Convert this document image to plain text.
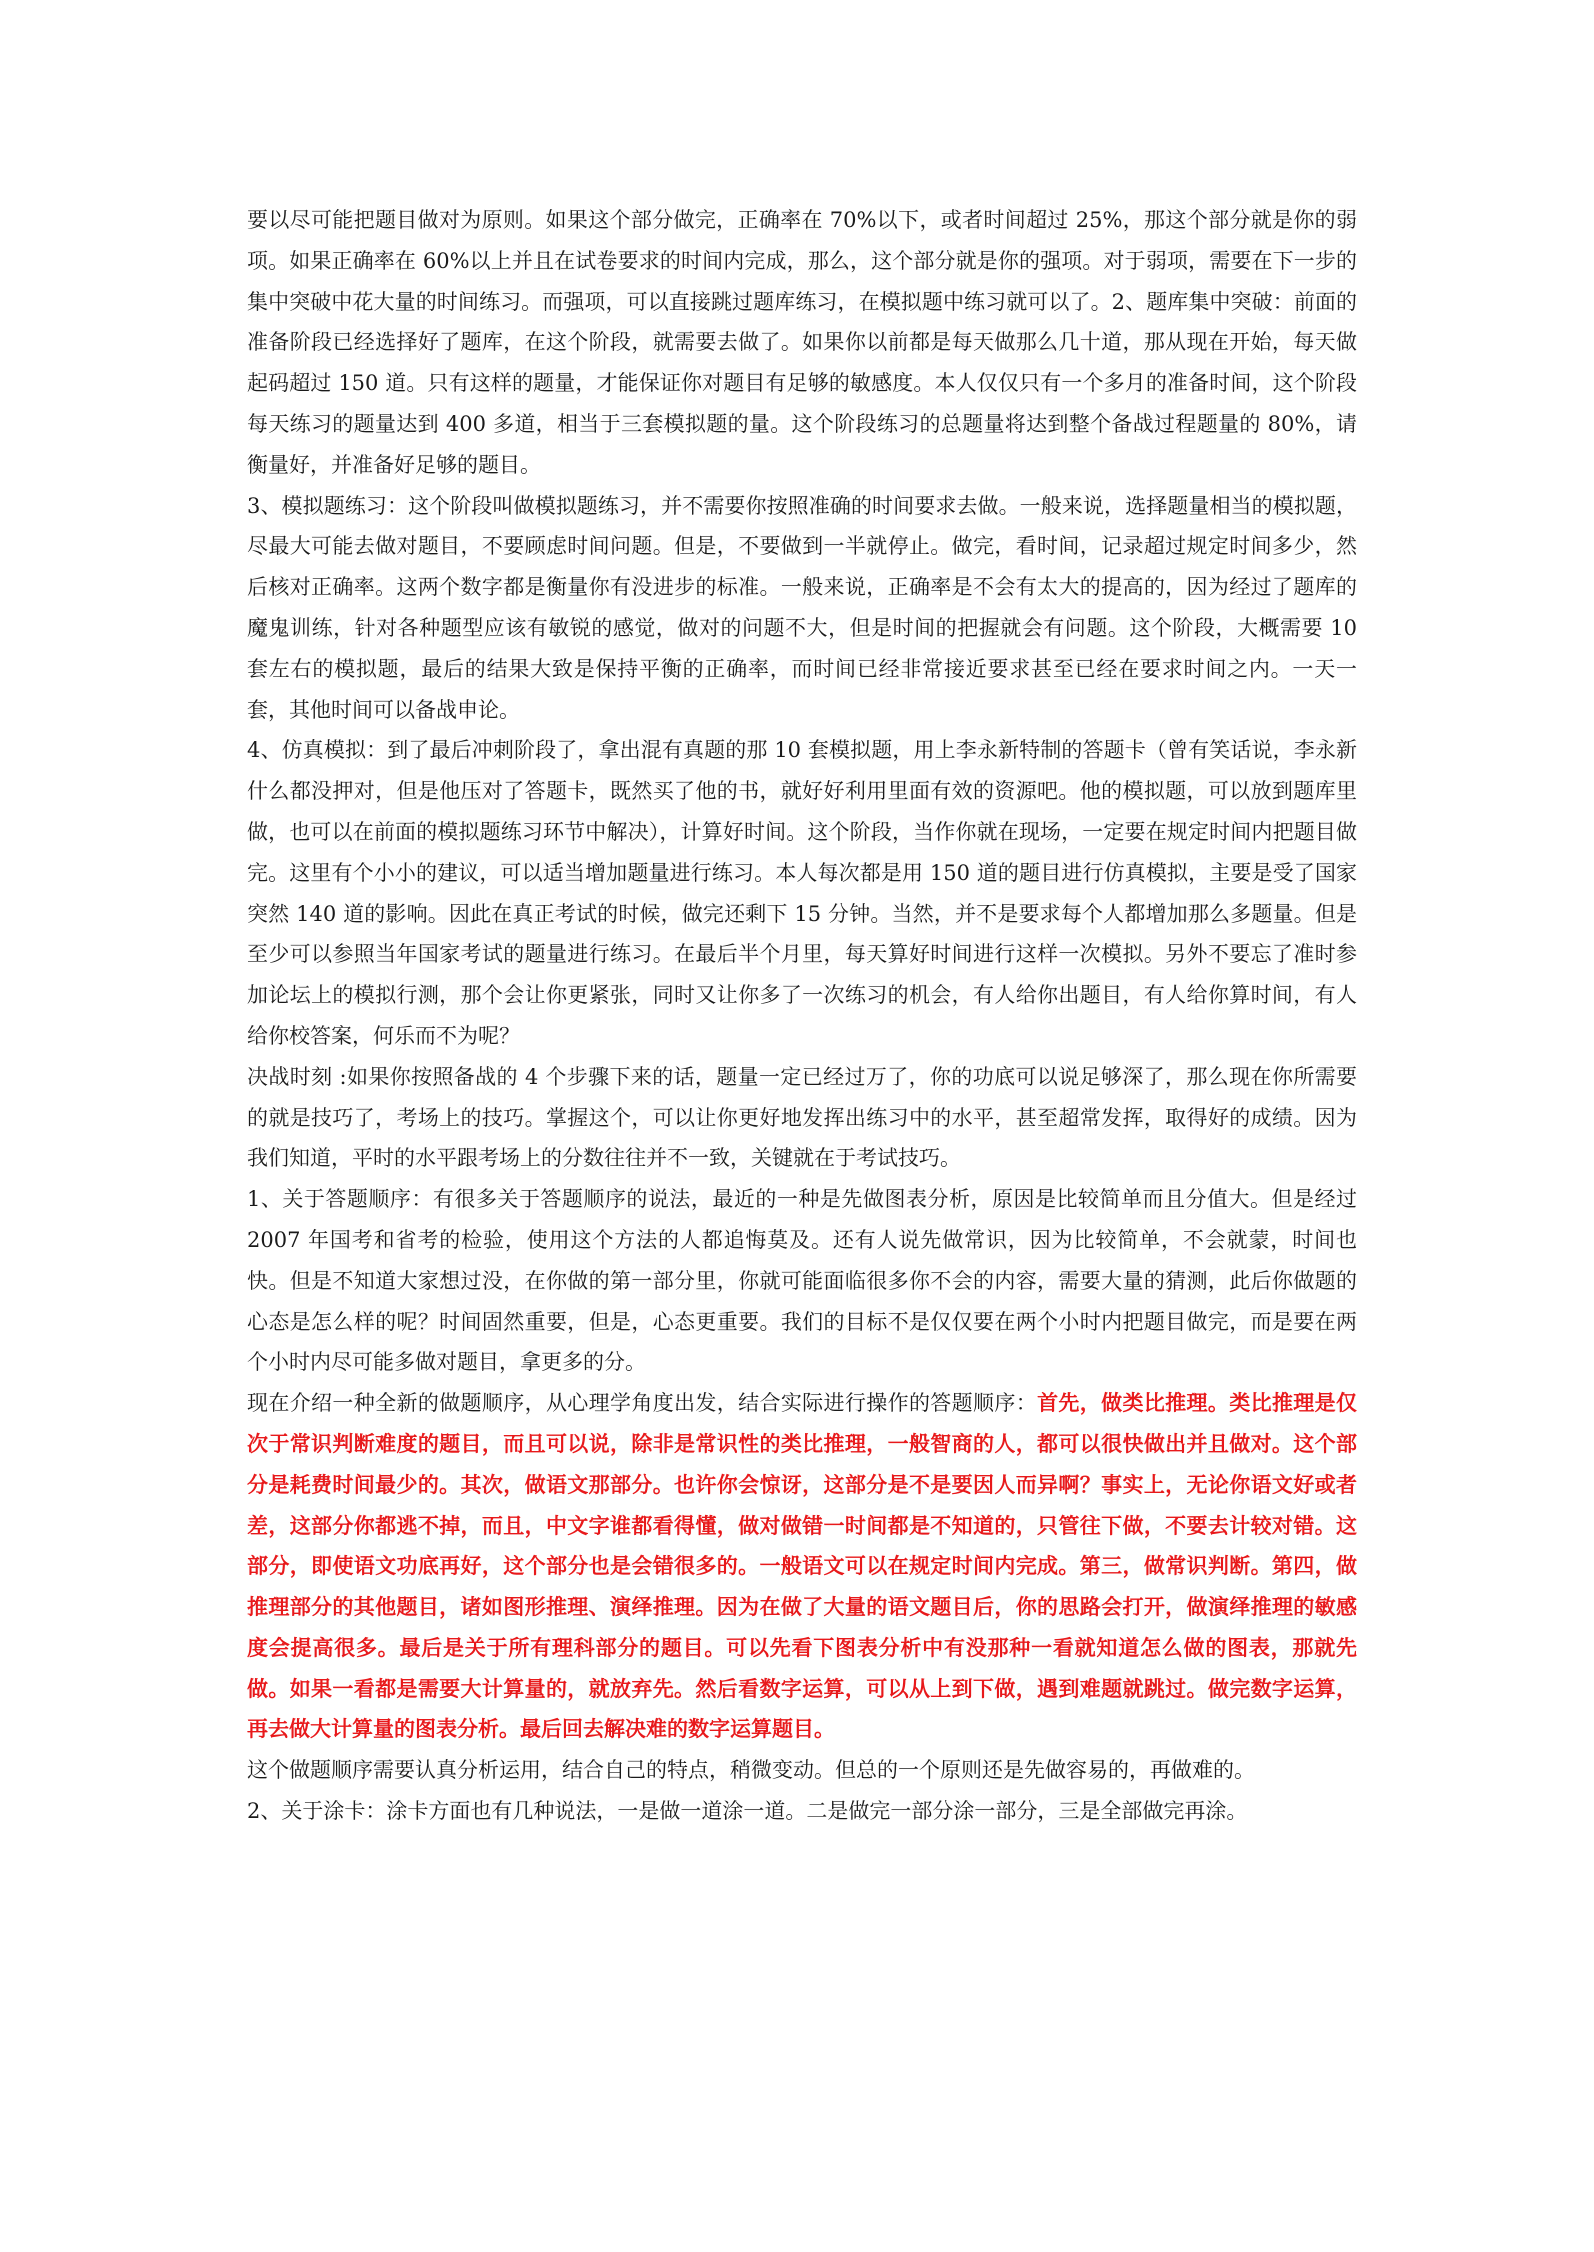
要以尽可能把题目做对为原则。如果这个部分做完，正确率在 70%以下，或者时间超过 25%，那这个部分就是你的弱项。如果正确率在 60%以上并且在试卷要求的时间内完成，那么，这个部分就是你的强项。对于弱项，需要在下一步的集中突破中花大量的时间练习。而强项，可以直接跳过题库练习，在模拟题中练习就可以了。2、题库集中突破：前面的准备阶段已经选择好了题库，在这个阶段，就需要去做了。如果你以前都是每天做那么几十道，那从现在开始，每天做起码超过 150 道。只有这样的题量，才能保证你对题目有足够的敏感度。本人仅仅只有一个多月的准备时间，这个阶段每天练习的题量达到 400 多道，相当于三套模拟题的量。这个阶段练习的总题量将达到整个备战过程题量的 80%，请衡量好，并准备好足够的题目。

3、模拟题练习：这个阶段叫做模拟题练习，并不需要你按照准确的时间要求去做。一般来说，选择题量相当的模拟题，尽最大可能去做对题目，不要顾虑时间问题。但是，不要做到一半就停止。做完，看时间，记录超过规定时间多少，然后核对正确率。这两个数字都是衡量你有没进步的标准。一般来说，正确率是不会有太大的提高的，因为经过了题库的魔鬼训练，针对各种题型应该有敏锐的感觉，做对的问题不大，但是时间的把握就会有问题。这个阶段，大概需要 10 套左右的模拟题，最后的结果大致是保持平衡的正确率，而时间已经非常接近要求甚至已经在要求时间之内。一天一套，其他时间可以备战申论。

4、仿真模拟：到了最后冲刺阶段了，拿出混有真题的那 10 套模拟题，用上李永新特制的答题卡（曾有笑话说，李永新什么都没押对，但是他压对了答题卡，既然买了他的书，就好好利用里面有效的资源吧。他的模拟题，可以放到题库里做，也可以在前面的模拟题练习环节中解决），计算好时间。这个阶段，当作你就在现场，一定要在规定时间内把题目做完。这里有个小小的建议，可以适当增加题量进行练习。本人每次都是用 150 道的题目进行仿真模拟，主要是受了国家突然 140 道的影响。因此在真正考试的时候，做完还剩下 15 分钟。当然，并不是要求每个人都增加那么多题量。但是至少可以参照当年国家考试的题量进行练习。在最后半个月里，每天算好时间进行这样一次模拟。另外不要忘了准时参加论坛上的模拟行测，那个会让你更紧张，同时又让你多了一次练习的机会，有人给你出题目，有人给你算时间，有人给你校答案，何乐而不为呢？

决战时刻 :如果你按照备战的 4 个步骤下来的话，题量一定已经过万了，你的功底可以说足够深了，那么现在你所需要的就是技巧了，考场上的技巧。掌握这个，可以让你更好地发挥出练习中的水平，甚至超常发挥，取得好的成绩。因为我们知道，平时的水平跟考场上的分数往往并不一致，关键就在于考试技巧。

1、关于答题顺序：有很多关于答题顺序的说法，最近的一种是先做图表分析，原因是比较简单而且分值大。但是经过 2007 年国考和省考的检验，使用这个方法的人都追悔莫及。还有人说先做常识，因为比较简单，不会就蒙，时间也快。但是不知道大家想过没，在你做的第一部分里，你就可能面临很多你不会的内容，需要大量的猜测，此后你做题的心态是怎么样的呢？时间固然重要，但是，心态更重要。我们的目标不是仅仅要在两个小时内把题目做完，而是要在两个小时内尽可能多做对题目，拿更多的分。

现在介绍一种全新的做题顺序，从心理学角度出发，结合实际进行操作的答题顺序：首先，做类比推理。类比推理是仅次于常识判断难度的题目，而且可以说，除非是常识性的类比推理，一般智商的人，都可以很快做出并且做对。这个部分是耗费时间最少的。其次，做语文那部分。也许你会惊讶，这部分是不是要因人而异啊？事实上，无论你语文好或者差，这部分你都逃不掉，而且，中文字谁都看得懂，做对做错一时间都是不知道的，只管往下做，不要去计较对错。这部分，即使语文功底再好，这个部分也是会错很多的。一般语文可以在规定时间内完成。第三，做常识判断。第四，做推理部分的其他题目，诸如图形推理、演绎推理。因为在做了大量的语文题目后，你的思路会打开，做演绎推理的敏感度会提高很多。最后是关于所有理科部分的题目。可以先看下图表分析中有没那种一看就知道怎么做的图表，那就先做。如果一看都是需要大计算量的，就放弃先。然后看数字运算，可以从上到下做，遇到难题就跳过。做完数字运算，再去做大计算量的图表分析。最后回去解决难的数字运算题目。

这个做题顺序需要认真分析运用，结合自己的特点，稍微变动。但总的一个原则还是先做容易的，再做难的。

2、关于涂卡：涂卡方面也有几种说法，一是做一道涂一道。二是做完一部分涂一部分，三是全部做完再涂。
